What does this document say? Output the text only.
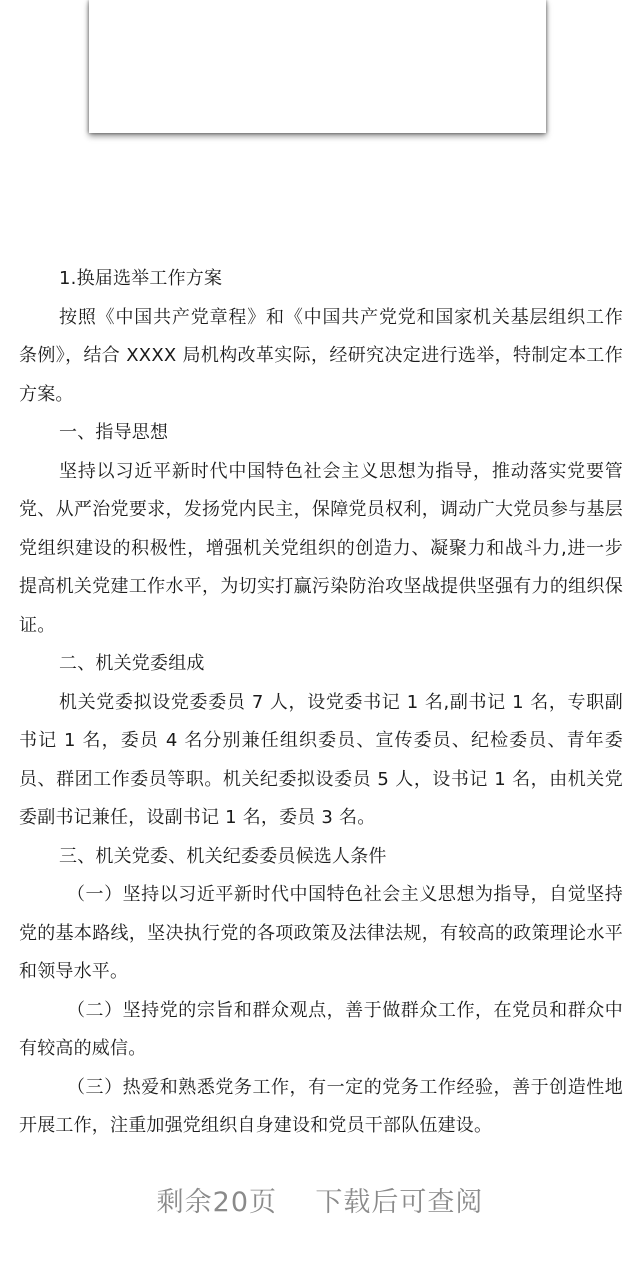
1.换届选举工作方案

按照《中国共产党章程》和《中国共产党党和国家机关基层组织工作条例》，结合 XXXX 局机构改革实际，经研究决定进行选举，特制定本工作方案。

一、指导思想

坚持以习近平新时代中国特色社会主义思想为指导，推动落实党要管党、从严治党要求，发扬党内民主，保障党员权利，调动广大党员参与基层党组织建设的积极性，增强机关党组织的创造力、凝聚力和战斗力,进一步提高机关党建工作水平，为切实打赢污染防治攻坚战提供坚强有力的组织保证。

二、机关党委组成

机关党委拟设党委委员 7 人，设党委书记 1 名,副书记 1 名，专职副书记 1 名，委员 4 名分别兼任组织委员、宣传委员、纪检委员、青年委员、群团工作委员等职。机关纪委拟设委员 5 人，设书记 1 名，由机关党委副书记兼任，设副书记 1 名，委员 3 名。

三、机关党委、机关纪委委员候选人条件

（一）坚持以习近平新时代中国特色社会主义思想为指导，自觉坚持党的基本路线，坚决执行党的各项政策及法律法规，有较高的政策理论水平和领导水平。

（二）坚持党的宗旨和群众观点，善于做群众工作，在党员和群众中有较高的威信。

（三）热爱和熟悉党务工作，有一定的党务工作经验，善于创造性地开展工作，注重加强党组织自身建设和党员干部队伍建设。

剩余20页    下载后可查阅
